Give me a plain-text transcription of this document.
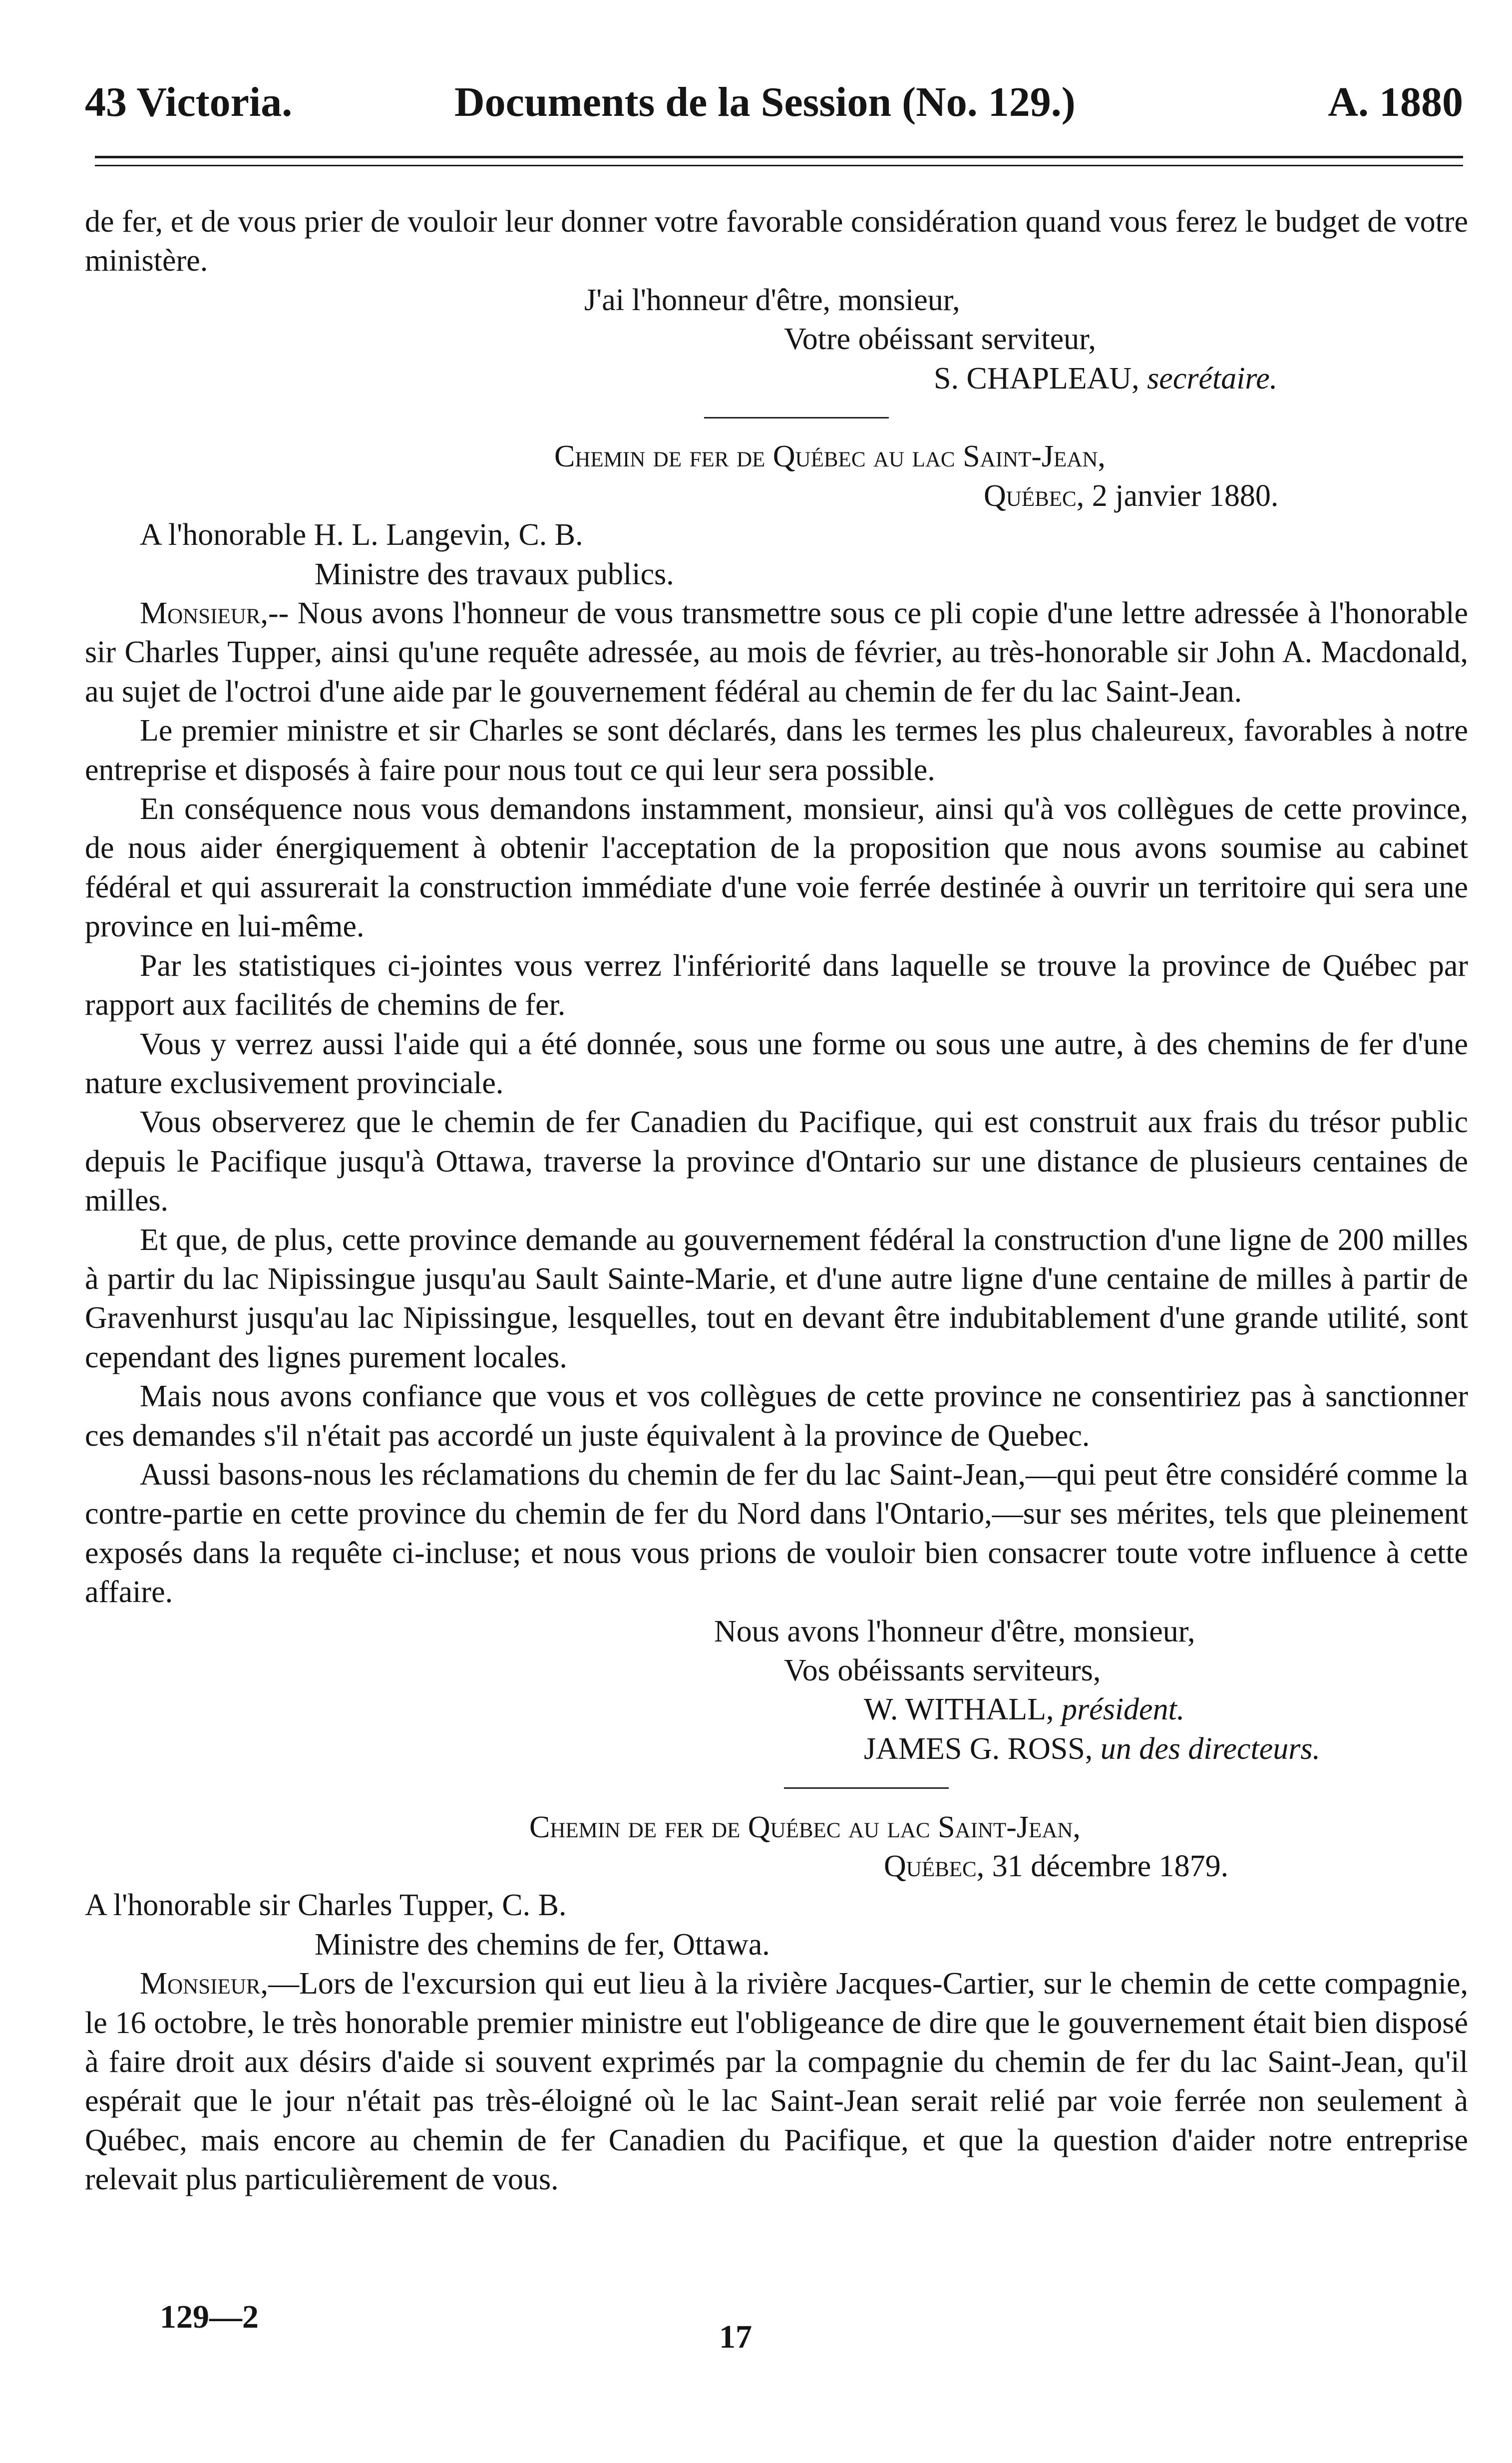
43 Victoria.	Documents de la Session (No. 129.)	A. 1880

de fer, et de vous prier de vouloir leur donner votre favorable considération quand vous ferez le budget de votre ministère.

J'ai l'honneur d'être, monsieur,

Votre obéissant serviteur,

S. CHAPLEAU, secrétaire.

Chemin de fer de Québec au lac Saint-Jean,

Québec, 2 janvier 1880.

A l'honorable H. L. Langevin, C. B.

Ministre des travaux publics.

Monsieur,-- Nous avons l'honneur de vous transmettre sous ce pli copie d'une lettre adressée à l'honorable sir Charles Tupper, ainsi qu'une requête adressée, au mois de février, au très-honorable sir John A. Macdonald, au sujet de l'octroi d'une aide par le gouvernement fédéral au chemin de fer du lac Saint-Jean.

Le premier ministre et sir Charles se sont déclarés, dans les termes les plus chaleureux, favorables à notre entreprise et disposés à faire pour nous tout ce qui leur sera possible.

En conséquence nous vous demandons instamment, monsieur, ainsi qu'à vos collègues de cette province, de nous aider énergiquement à obtenir l'acceptation de la proposition que nous avons soumise au cabinet fédéral et qui assurerait la construction immédiate d'une voie ferrée destinée à ouvrir un territoire qui sera une province en lui-même.

Par les statistiques ci-jointes vous verrez l'infériorité dans laquelle se trouve la province de Québec par rapport aux facilités de chemins de fer.

Vous y verrez aussi l'aide qui a été donnée, sous une forme ou sous une autre, à des chemins de fer d'une nature exclusivement provinciale.

Vous observerez que le chemin de fer Canadien du Pacifique, qui est construit aux frais du trésor public depuis le Pacifique jusqu'à Ottawa, traverse la province d'Ontario sur une distance de plusieurs centaines de milles.

Et que, de plus, cette province demande au gouvernement fédéral la construction d'une ligne de 200 milles à partir du lac Nipissingue jusqu'au Sault Sainte-Marie, et d'une autre ligne d'une centaine de milles à partir de Gravenhurst jusqu'au lac Nipissingue, lesquelles, tout en devant être indubitablement d'une grande utilité, sont cependant des lignes purement locales.

Mais nous avons confiance que vous et vos collègues de cette province ne consentiriez pas à sanctionner ces demandes s'il n'était pas accordé un juste équivalent à la province de Quebec.

Aussi basons-nous les réclamations du chemin de fer du lac Saint-Jean,—qui peut être considéré comme la contre-partie en cette province du chemin de fer du Nord dans l'Ontario,—sur ses mérites, tels que pleinement exposés dans la requête ci-incluse; et nous vous prions de vouloir bien consacrer toute votre influence à cette affaire.

Nous avons l'honneur d'être, monsieur,

Vos obéissants serviteurs,

W. WITHALL, président.

JAMES G. ROSS, un des directeurs.

Chemin de fer de Québec au lac Saint-Jean,

Québec, 31 décembre 1879.

A l'honorable sir Charles Tupper, C. B.

Ministre des chemins de fer, Ottawa.

Monsieur,—Lors de l'excursion qui eut lieu à la rivière Jacques-Cartier, sur le chemin de cette compagnie, le 16 octobre, le très honorable premier ministre eut l'obligeance de dire que le gouvernement était bien disposé à faire droit aux désirs d'aide si souvent exprimés par la compagnie du chemin de fer du lac Saint-Jean, qu'il espérait que le jour n'était pas très-éloigné où le lac Saint-Jean serait relié par voie ferrée non seulement à Québec, mais encore au chemin de fer Canadien du Pacifique, et que la question d'aider notre entreprise relevait plus particulièrement de vous.

129—2
17
